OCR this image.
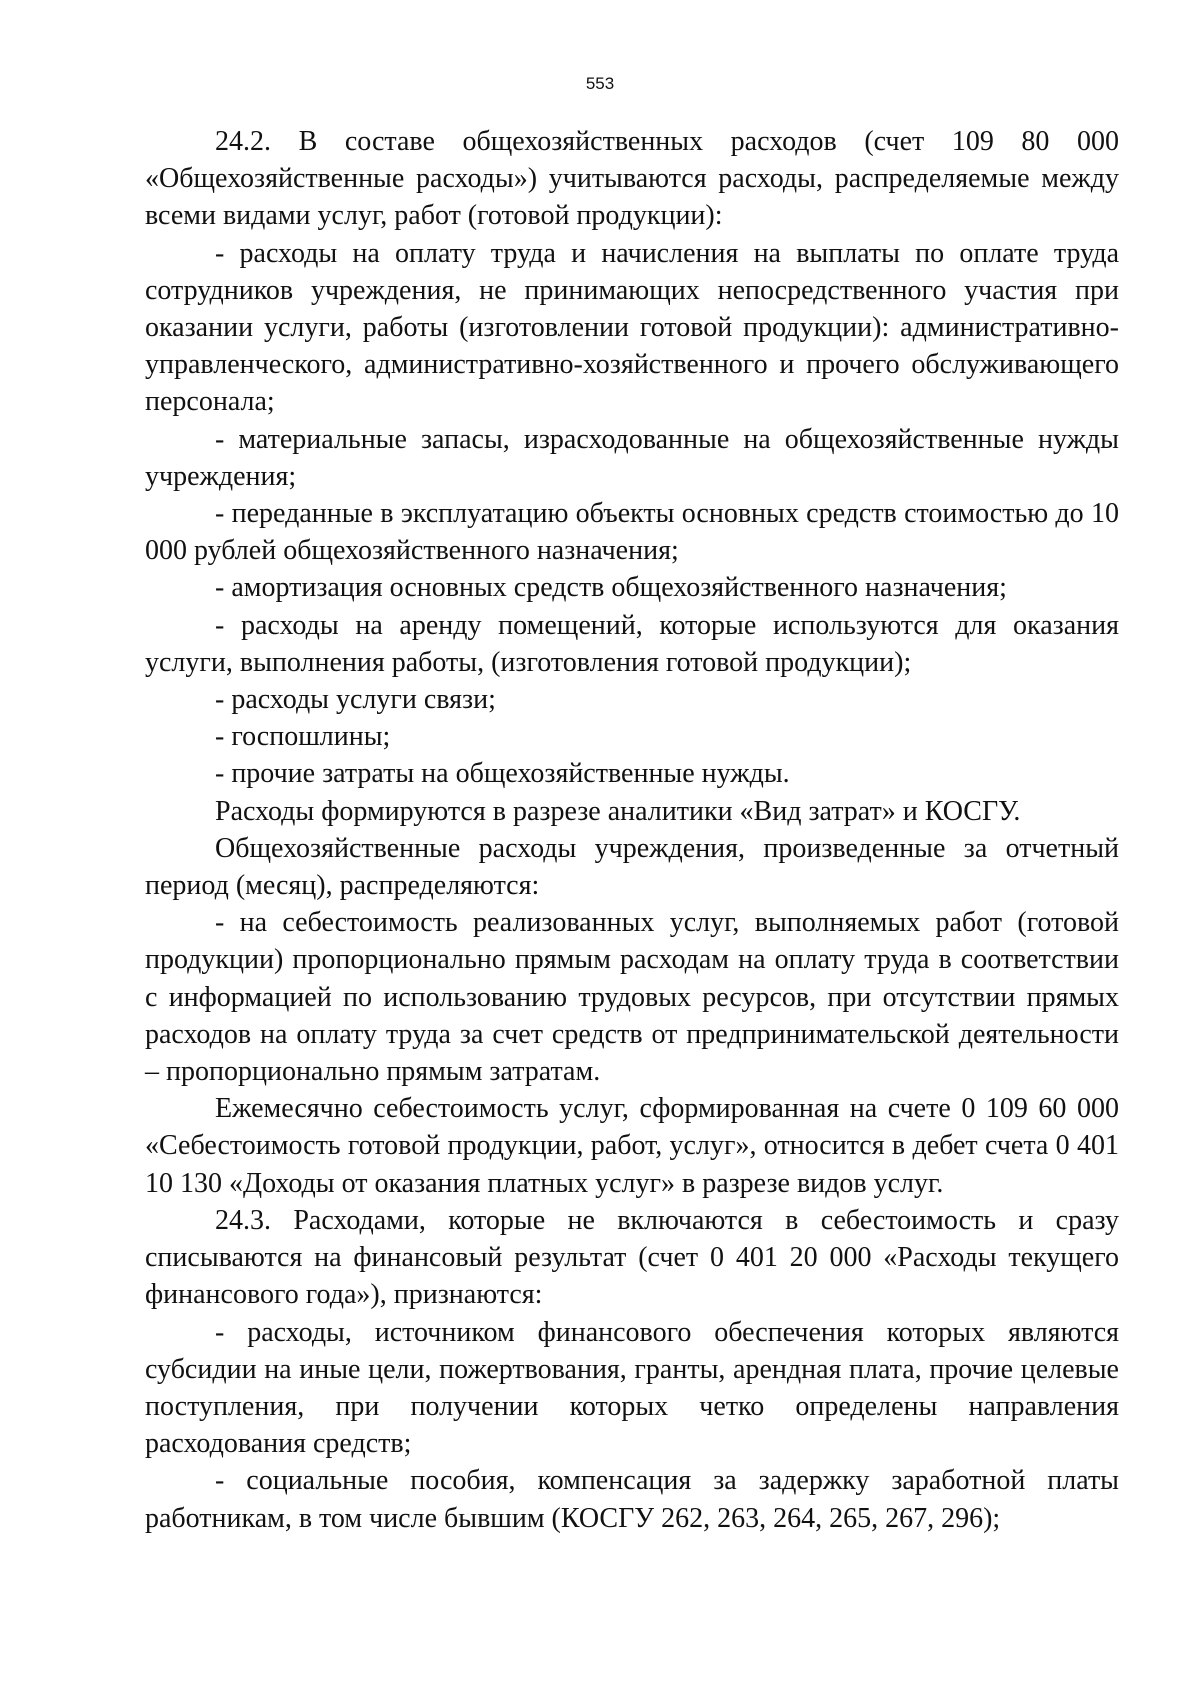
553

24.2. В составе общехозяйственных расходов (счет 109 80 000 «Общехозяйственные расходы») учитываются расходы, распределяемые между всеми видами услуг, работ (готовой продукции):

- расходы на оплату труда и начисления на выплаты по оплате труда сотрудников учреждения, не принимающих непосредственного участия при оказании услуги, работы (изготовлении готовой продукции): административно-управленческого, административно-хозяйственного и прочего обслуживающего персонала;

- материальные запасы, израсходованные на общехозяйственные нужды учреждения;

- переданные в эксплуатацию объекты основных средств стоимостью до 10 000 рублей общехозяйственного назначения;

- амортизация основных средств общехозяйственного назначения;

- расходы на аренду помещений, которые используются для оказания услуги, выполнения работы, (изготовления готовой продукции);

- расходы услуги связи;

- госпошлины;

- прочие затраты на общехозяйственные нужды.

Расходы формируются в разрезе аналитики «Вид затрат» и КОСГУ.

Общехозяйственные расходы учреждения, произведенные за отчетный период (месяц), распределяются:

- на себестоимость реализованных услуг, выполняемых работ (готовой продукции) пропорционально прямым расходам на оплату труда в соответствии с информацией по использованию трудовых ресурсов, при отсутствии прямых расходов на оплату труда за счет средств от предпринимательской деятельности – пропорционально прямым затратам.

Ежемесячно себестоимость услуг, сформированная на счете 0 109 60 000 «Себестоимость готовой продукции, работ, услуг», относится в дебет счета 0 401 10 130 «Доходы от оказания платных услуг» в разрезе видов услуг.

24.3. Расходами, которые не включаются в себестоимость и сразу списываются на финансовый результат (счет 0 401 20 000 «Расходы текущего финансового года»), признаются:

- расходы, источником финансового обеспечения которых являются субсидии на иные цели, пожертвования, гранты, арендная плата, прочие целевые поступления, при получении которых четко определены направления расходования средств;

- социальные пособия, компенсация за задержку заработной платы работникам, в том числе бывшим (КОСГУ 262, 263, 264, 265, 267, 296);
